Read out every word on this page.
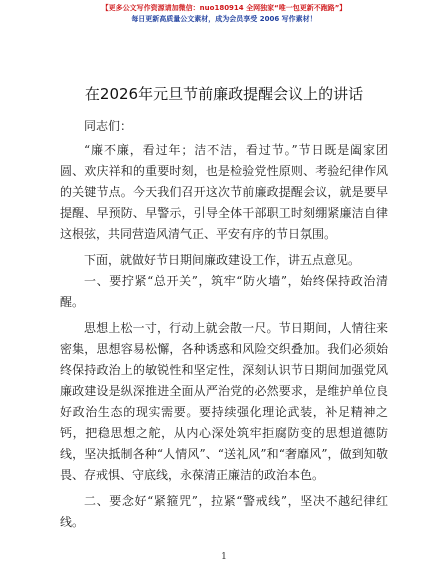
【更多公文写作资源请加微信：nuo180914 全网独家“唯一包更新不跑路”】
每日更新高质量公文素材，成为会员享受 2006 写作素材！
在2026年元旦节前廉政提醒会议上的讲话

同志们：

“廉不廉，看过年；洁不洁，看过节。”节日既是阖家团圆、欢庆祥和的重要时刻，也是检验党性原则、考验纪律作风的关键节点。今天我们召开这次节前廉政提醒会议，就是要早提醒、早预防、早警示，引导全体干部职工时刻绷紧廉洁自律这根弦，共同营造风清气正、平安有序的节日氛围。

下面，就做好节日期间廉政建设工作，讲五点意见。

一、要拧紧“总开关”，筑牢“防火墙”，始终保持政治清醒。

思想上松一寸，行动上就会散一尺。节日期间，人情往来密集，思想容易松懈，各种诱惑和风险交织叠加。我们必须始终保持政治上的敏锐性和坚定性，深刻认识节日期间加强党风廉政建设是纵深推进全面从严治党的必然要求，是维护单位良好政治生态的现实需要。要持续强化理论武装，补足精神之钙，把稳思想之舵，从内心深处筑牢拒腐防变的思想道德防线，坚决抵制各种“人情风”、“送礼风”和“奢靡风”，做到知敬畏、存戒惧、守底线，永葆清正廉洁的政治本色。

二、要念好“紧箍咒”，拉紧“警戒线”，坚决不越纪律红线。

1
